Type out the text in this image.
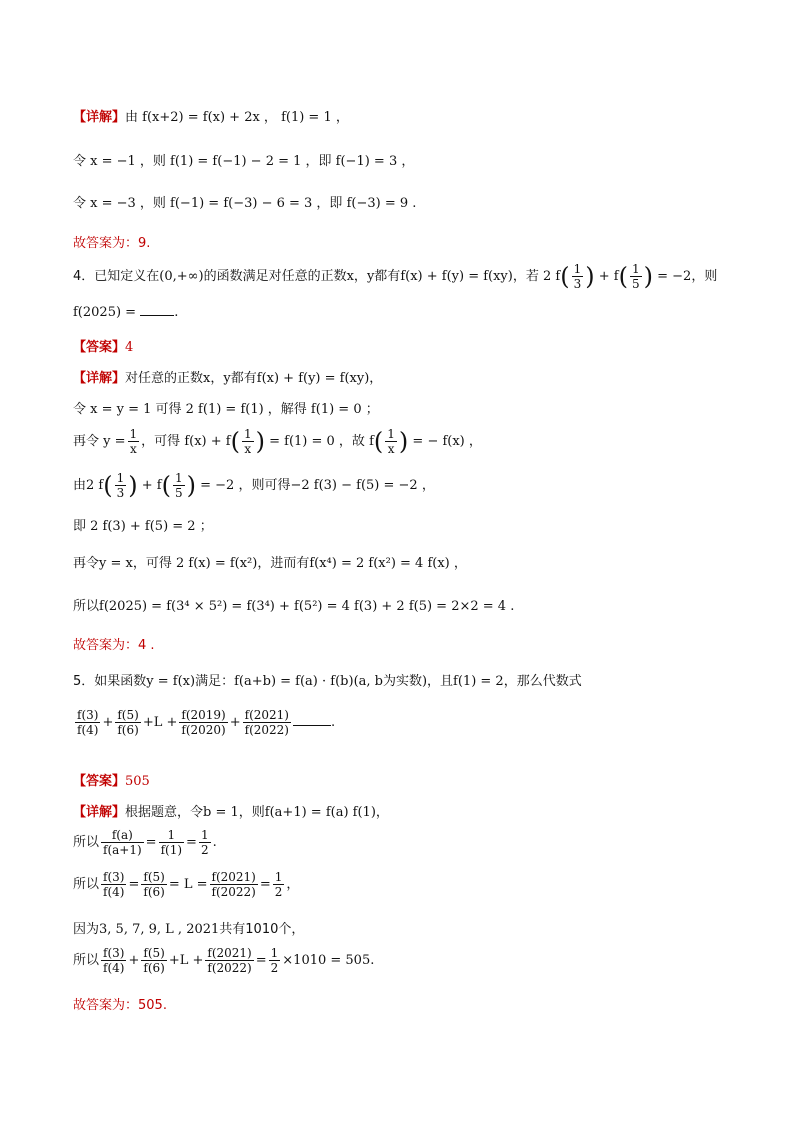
【详解】由 f(x+2) = f(x) + 2x ， f(1) = 1 ，
令 x = −1 ，则 f(1) = f(−1) − 2 = 1 ，即 f(−1) = 3 ，
令 x = −3 ，则 f(−1) = f(−3) − 6 = 3 ，即 f(−3) = 9 .
故答案为：9.
4．已知定义在(0,+∞)的函数满足对任意的正数x，y都有f(x) + f(y) = f(xy)，若 2 $f( \frac{1}{3}$ ) + $f( \frac{1}{5}$ ) = −2，则
f(2025) =	.
【答案】4
【详解】对任意的正数x，y都有f(x) + f(y) = f(xy)，
令 x = y = 1 可得 2 f(1) = f(1) ，解得 f(1) = 0 ；
再令 $y = \frac{1}{x}$ ，可得 $f(x) + f( \frac{1}{x}$ ) = f(1) = 0 ，故 $f( \frac{1}{x}$ ) = − f(x) ，
由2 $f( \frac{1}{3}$ ) + $f( \frac{1}{5}$ ) = −2 ，则可得−2 f(3) − f(5) = −2 ，
即 2 f(3) + f(5) = 2 ；
再令y = x，可得 2 f(x) = f(x²)，进而有f(x⁴) = 2 f(x²) = 4 f(x) ，
所以f(2025) = f(3⁴ × 5²) = f(3⁴) + f(5²) = 4 f(3) + 2 f(5) = 2×2 = 4 .
故答案为：4 .
5．如果函数y = f(x)满足：f(a+b) = f(a) · f(b)(a, b为实数)，且f(1) = 2，那么代数式
$\frac{f(3)}{f(4)} + \frac{f(5)}{f(6)} +L + \frac{f(2019)}{f(2020)} + \frac{f(2021)}{f(2022)}$	.
【答案】505
【详解】根据题意，令b = 1，则f(a+1) = f(a) f(1)，
所以 $\frac{f(a)}{f(a+1)} = \frac{1}{f(1)} = \frac{1}{2}$ .
所以 $\frac{f(3)}{f(4)} = \frac{f(5)}{f(6)} = L = \frac{f(2021)}{f(2022)} = \frac{1}{2}$ ，
因为3, 5, 7, 9, L , 2021共有1010个，
所以 $\frac{f(3)}{f(4)} + \frac{f(5)}{f(6)} +L + \frac{f(2021)}{f(2022)} = \frac{1}{2} \times 1010 = 505$.
故答案为：505.
